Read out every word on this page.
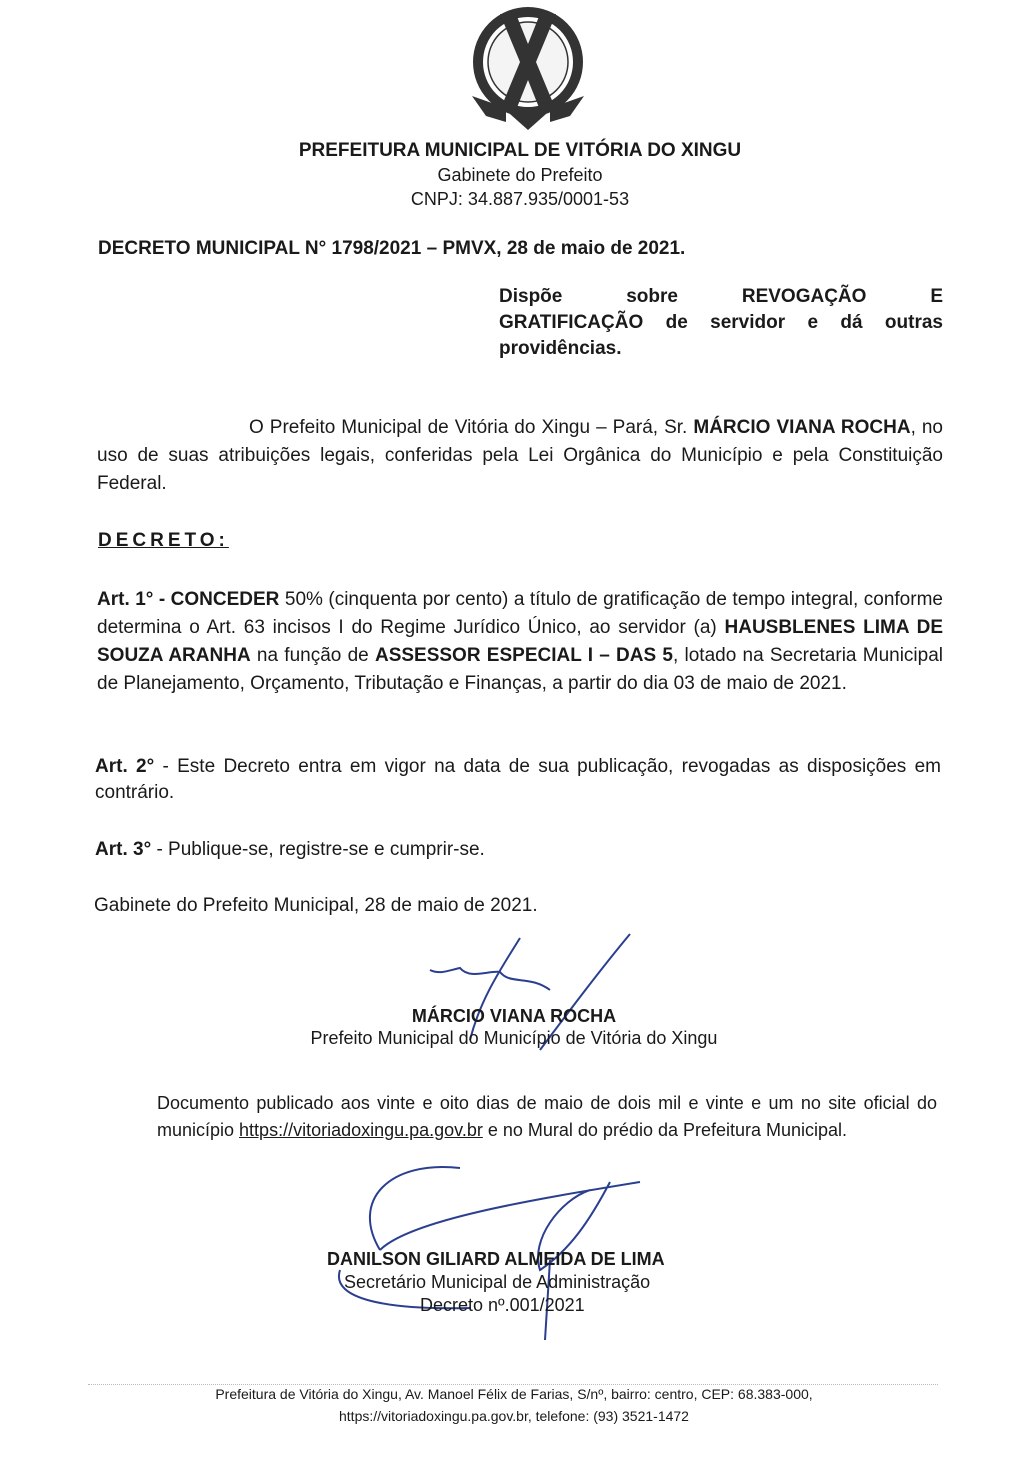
PREFEITURA MUNICIPAL DE VITÓRIA DO XINGU
Gabinete do Prefeito
CNPJ: 34.887.935/0001-53
DECRETO MUNICIPAL N° 1798/2021 – PMVX, 28 de maio de 2021.
Dispõe	sobre	REVOGAÇÃO	E
GRATIFICAÇÃO de servidor e dá outras providências.
O Prefeito Municipal de Vitória do Xingu – Pará, Sr. MÁRCIO VIANA ROCHA, no uso de suas atribuições legais, conferidas pela Lei Orgânica do Município e pela Constituição Federal.
DECRETO:
Art. 1° - CONCEDER 50% (cinquenta por cento) a título de gratificação de tempo integral, conforme determina o Art. 63 incisos I do Regime Jurídico Único, ao servidor (a) HAUSBLENES LIMA DE SOUZA ARANHA na função de ASSESSOR ESPECIAL I – DAS 5, lotado na Secretaria Municipal de Planejamento, Orçamento, Tributação e Finanças, a partir do dia 03 de maio de 2021.
Art. 2° - Este Decreto entra em vigor na data de sua publicação, revogadas as disposições em contrário.
Art. 3° - Publique-se, registre-se e cumprir-se.
Gabinete do Prefeito Municipal, 28 de maio de 2021.
MÁRCIO VIANA ROCHA
Prefeito Municipal do Município de Vitória do Xingu
Documento publicado aos vinte e oito dias de maio de dois mil e vinte e um no site oficial do município https://vitoriadoxingu.pa.gov.br e no Mural do prédio da Prefeitura Municipal.
DANILSON GILIARD ALMEIDA DE LIMA
Secretário Municipal de Administração
Decreto nº.001/2021
Prefeitura de Vitória do Xingu, Av. Manoel Félix de Farias, S/nº, bairro: centro, CEP: 68.383-000,
https://vitoriadoxingu.pa.gov.br, telefone: (93) 3521-1472
